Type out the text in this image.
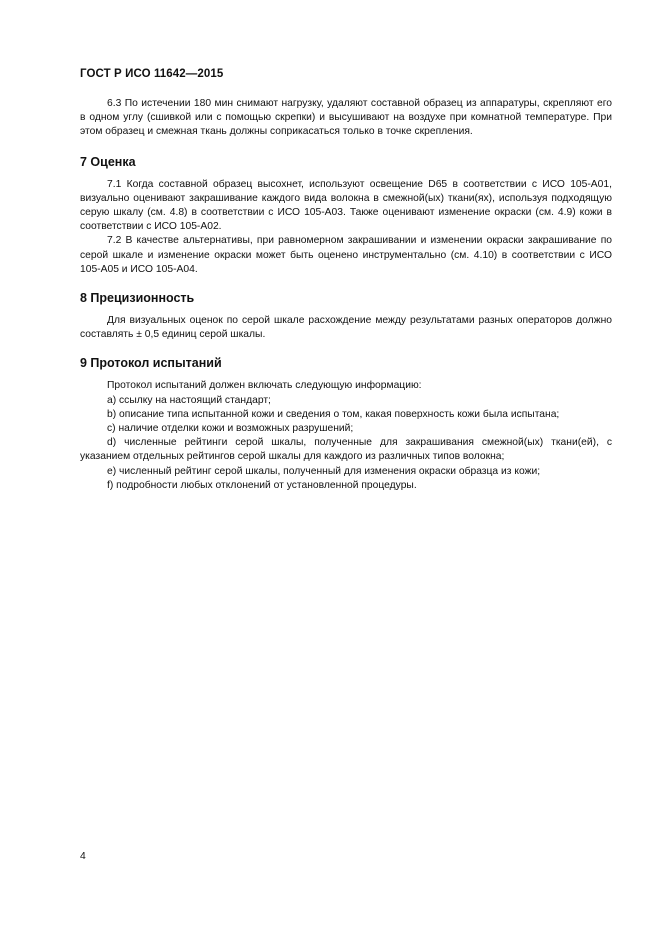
ГОСТ Р ИСО 11642—2015

6.3 По истечении 180 мин снимают нагрузку, удаляют составной образец из аппаратуры, скрепляют его в одном углу (сшивкой или с помощью скрепки) и высушивают на воздухе при комнатной температуре. При этом образец и смежная ткань должны соприкасаться только в точке скрепления.

7 Оценка

7.1 Когда составной образец высохнет, используют освещение D65 в соответствии с ИСО 105-А01, визуально оценивают закрашивание каждого вида волокна в смежной(ых) ткани(ях), используя подходящую серую шкалу (см. 4.8) в соответствии с ИСО 105-А03. Также оценивают изменение окраски (см. 4.9) кожи в соответствии с ИСО 105-А02.

7.2 В качестве альтернативы, при равномерном закрашивании и изменении окраски закрашивание по серой шкале и изменение окраски может быть оценено инструментально (см. 4.10) в соответствии с ИСО 105-А05 и ИСО 105-А04.

8 Прецизионность

Для визуальных оценок по серой шкале расхождение между результатами разных операторов должно составлять ± 0,5 единиц серой шкалы.

9 Протокол испытаний

Протокол испытаний должен включать следующую информацию:

a) ссылку на настоящий стандарт;

b) описание типа испытанной кожи и сведения о том, какая поверхность кожи была испытана;

c) наличие отделки кожи и возможных разрушений;

d) численные рейтинги серой шкалы, полученные для закрашивания смежной(ых) ткани(ей), с указанием отдельных рейтингов серой шкалы для каждого из различных типов волокна;

e) численный рейтинг серой шкалы, полученный для изменения окраски образца из кожи;

f) подробности любых отклонений от установленной процедуры.

4
